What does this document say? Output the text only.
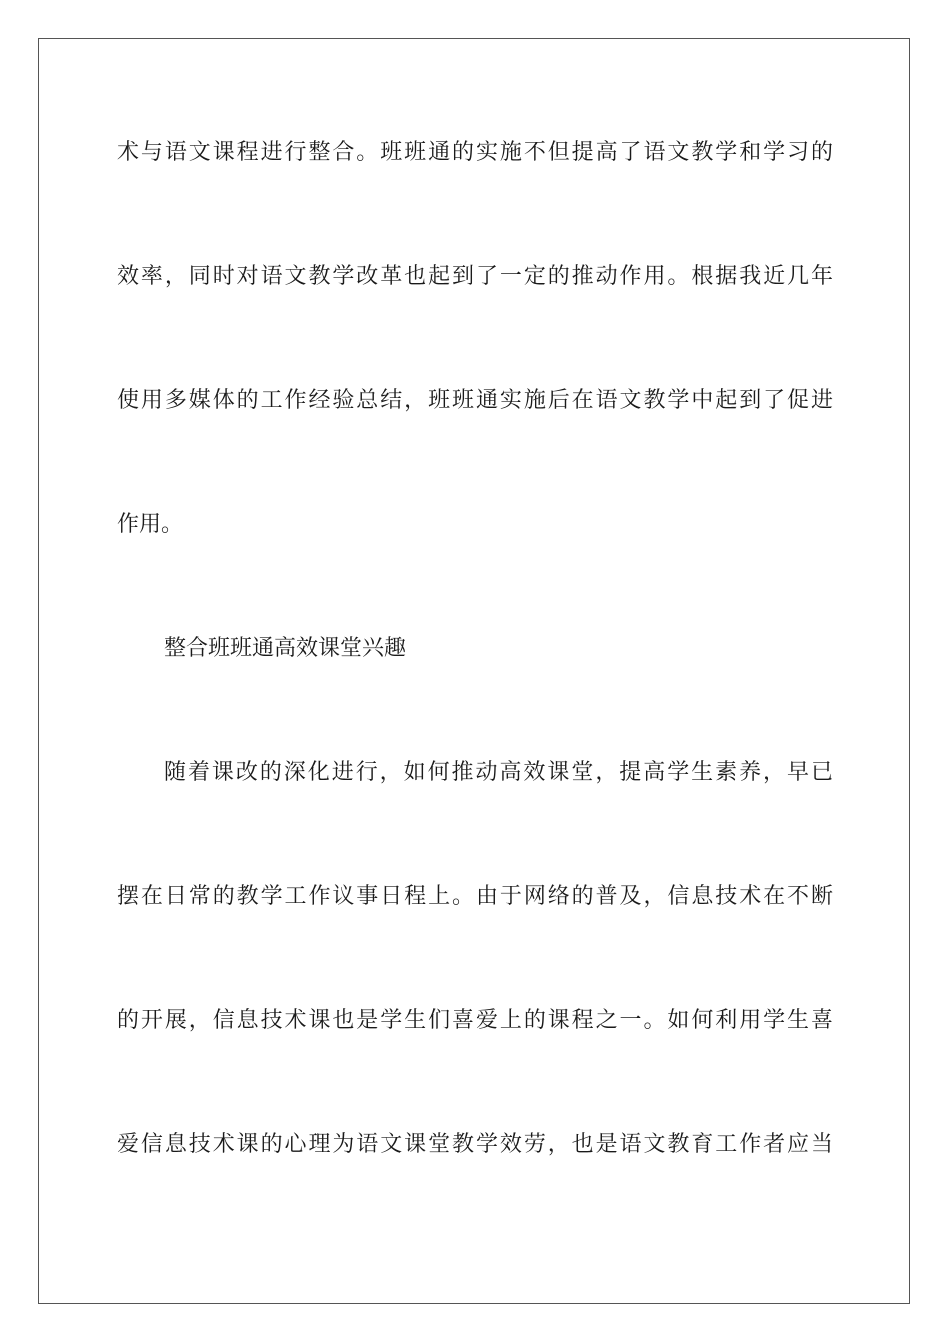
术与语文课程进行整合。班班通的实施不但提高了语文教学和学习的
效率，同时对语文教学改革也起到了一定的推动作用。根据我近几年
使用多媒体的工作经验总结，班班通实施后在语文教学中起到了促进
作用。
整合班班通高效课堂兴趣
随着课改的深化进行，如何推动高效课堂，提高学生素养，早已
摆在日常的教学工作议事日程上。由于网络的普及，信息技术在不断
的开展，信息技术课也是学生们喜爱上的课程之一。如何利用学生喜
爱信息技术课的心理为语文课堂教学效劳，也是语文教育工作者应当
